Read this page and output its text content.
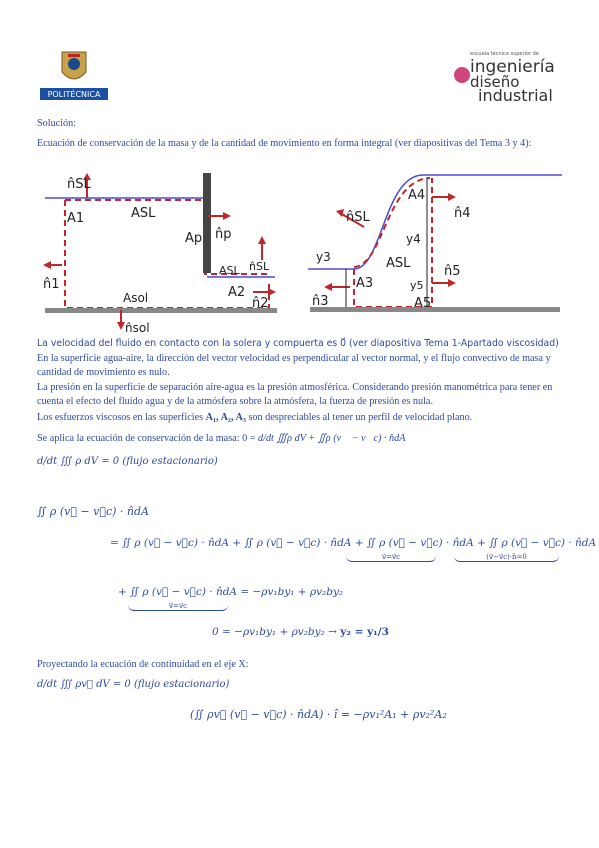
POLITÉCNICA
escuela técnica superior de
ingeniería
diseño
industrial
Solución:
Ecuación de conservación de la masa y de la cantidad de movimiento en forma integral (ver diapositivas del Tema 3 y 4):
n̂SL
A1	ASL
Ap n̂p
ASL n̂SL
n̂1
A2
n̂2
Asol
n̂sol
n̂SL
ASL
A3
n̂3
y3
A4
n̂4
y4
n̂5
y5
A5
La velocidad del fluido en contacto con la solera y compuerta es 0⃗ (ver diapositiva Tema 1-Apartado viscosidad)
En la superficie agua-aire, la dirección del vector velocidad es perpendicular al vector normal, y el flujo convectivo de masa y cantidad de movimiento es nulo.
La presión en la superficie de separación aire-agua es la presión atmosférica. Considerando presión manométrica para tener en cuenta el efecto del fluido agua y de la atmósfera sobre la atmósfera, la fuerza de presión es nula.
Los esfuerzos viscosos en las superficies A₁, A₂, A₃ son despreciables al tener un perfil de velocidad plano.
Se aplica la ecuación de conservación de la masa: 0 = d/dt ∭ρ dV + ∬ρ (v⃗ − v⃗c) · n̂dA
d/dt ∭ ρ dV = 0 (flujo estacionario)
∬ ρ (v⃗ − v⃗c) · n̂dA
= ∬ ρ (v⃗ − v⃗c) · n̂dA + ∬ ρ (v⃗ − v⃗c) · n̂dA + ∬ ρ (v⃗ − v⃗c) · n̂dA + ∬ ρ (v⃗ − v⃗c) · n̂dA
v⃗=v⃗c	(v⃗−v⃗c)·n̂=0
+ ∬ ρ (v⃗ − v⃗c) · n̂dA = −ρv₁by₁ + ρv₂by₂
v⃗=v⃗c
0 = −ρv₁by₁ + ρv₂by₂ → y₂ = y₁/3
Proyectando la ecuación de continuidad en el eje X:
d/dt ∭ ρv⃗ dV = 0 (flujo estacionario)
(∬ ρv⃗ (v⃗ − v⃗c) · n̂dA) · î = −ρv₁²A₁ + ρv₂²A₂
